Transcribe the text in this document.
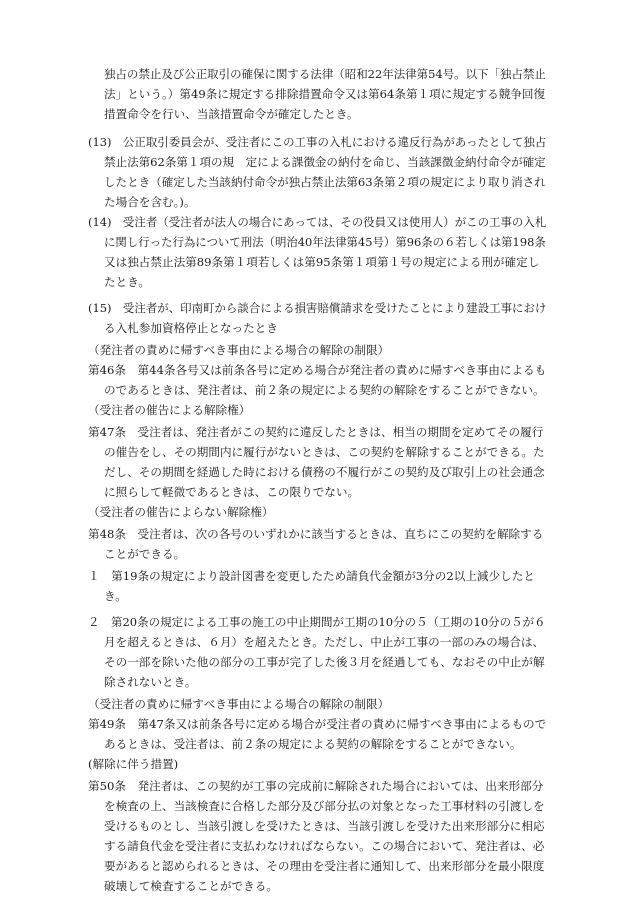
独占の禁止及び公正取引の確保に関する法律（昭和22年法律第54号。以下「独占禁止
法」という。）第49条に規定する排除措置命令又は第64条第１項に規定する競争回復
措置命令を行い、当該措置命令が確定したとき。
(13)　公正取引委員会が、受注者にこの工事の入札における違反行為があったとして独占
禁止法第62条第１項の規　定による課徴金の納付を命じ、当該課徴金納付命令が確定
したとき（確定した当該納付命令が独占禁止法第63条第２項の規定により取り消され
た場合を含む。)。
(14)　受注者（受注者が法人の場合にあっては、その役員又は使用人）がこの工事の入札
に関し行った行為について刑法（明治40年法律第45号）第96条の６若しくは第198条
又は独占禁止法第89条第１項若しくは第95条第１項第１号の規定による刑が確定し
たとき。
(15)　受注者が、印南町から談合による損害賠償請求を受けたことにより建設工事におけ
る入札参加資格停止となったとき
（発注者の責めに帰すべき事由による場合の解除の制限）
第46条　第44条各号又は前条各号に定める場合が発注者の責めに帰すべき事由によるも
のであるときは、発注者は、前２条の規定による契約の解除をすることができない。
（受注者の催告による解除権）
第47条　受注者は、発注者がこの契約に違反したときは、相当の期間を定めてその履行
の催告をし、その期間内に履行がないときは、この契約を解除することができる。た
だし、その期間を経過した時における債務の不履行がこの契約及び取引上の社会通念
に照らして軽微であるときは、この限りでない。
（受注者の催告によらない解除権）
第48条　受注者は、次の各号のいずれかに該当するときは、直ちにこの契約を解除する
ことができる。
１　第19条の規定により設計図書を変更したため請負代金額が3分の2以上減少したと
き。
２　第20条の規定による工事の施工の中止期間が工期の10分の５（工期の10分の５が６
月を超えるときは、６月）を超えたとき。ただし、中止が工事の一部のみの場合は、
その一部を除いた他の部分の工事が完了した後３月を経過しても、なおその中止が解
除されないとき。
（受注者の責めに帰すべき事由による場合の解除の制限）
第49条　第47条又は前条各号に定める場合が受注者の責めに帰すべき事由によるもので
あるときは、受注者は、前２条の規定による契約の解除をすることができない。
(解除に伴う措置)
第50条　発注者は、この契約が工事の完成前に解除された場合においては、出来形部分
を検査の上、当該検査に合格した部分及び部分払の対象となった工事材料の引渡しを
受けるものとし、当該引渡しを受けたときは、当該引渡しを受けた出来形部分に相応
する請負代金を受注者に支払わなければならない。この場合において、発注者は、必
要があると認められるときは、その理由を受注者に通知して、出来形部分を最小限度
破壊して検査することができる。
